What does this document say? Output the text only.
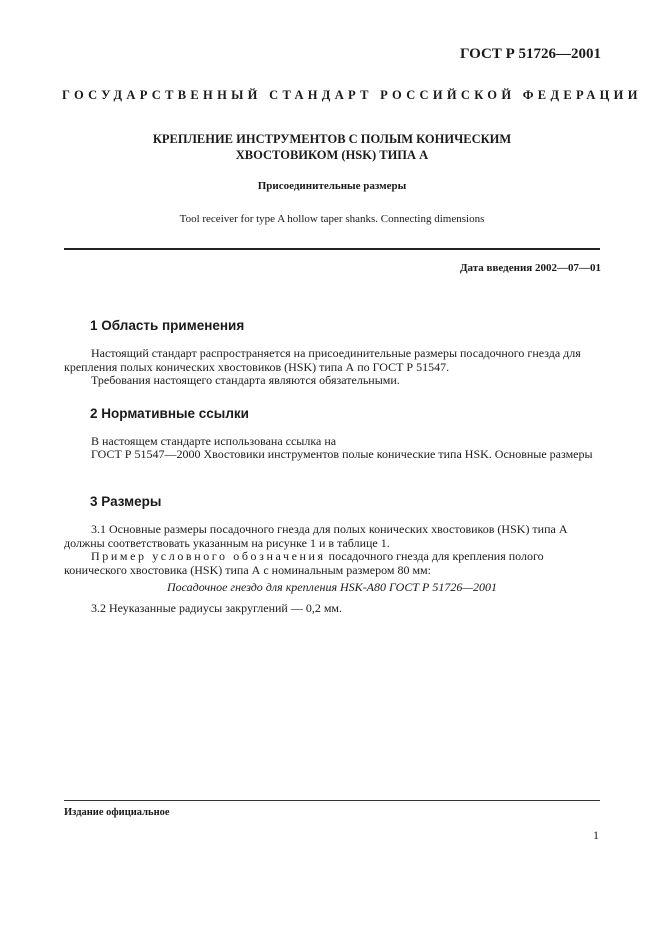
ГОСТ Р 51726—2001
ГОСУДАРСТВЕННЫЙ СТАНДАРТ РОССИЙСКОЙ ФЕДЕРАЦИИ
КРЕПЛЕНИЕ ИНСТРУМЕНТОВ С ПОЛЫМ КОНИЧЕСКИМ
ХВОСТОВИКОМ (HSK) ТИПА А
Присоединительные размеры
Tool receiver for type A hollow taper shanks. Connecting dimensions
Дата введения 2002—07—01
1 Область применения
Настоящий стандарт распространяется на присоединительные размеры посадочного гнезда для крепления полых конических хвостовиков (HSK) типа А по ГОСТ Р 51547.
Требования настоящего стандарта являются обязательными.
2 Нормативные ссылки
В настоящем стандарте использована ссылка на
ГОСТ Р 51547—2000 Хвостовики инструментов полые конические типа HSK. Основные размеры
3 Размеры
3.1 Основные размеры посадочного гнезда для полых конических хвостовиков (HSK) типа А должны соответствовать указанным на рисунке 1 и в таблице 1.
Пример условного обозначения посадочного гнезда для крепления полого конического хвостовика (HSK) типа А с номинальным размером 80 мм:
Посадочное гнездо для крепления HSK-A80 ГОСТ Р 51726—2001
3.2 Неуказанные радиусы закруглений — 0,2 мм.
Издание официальное
1
